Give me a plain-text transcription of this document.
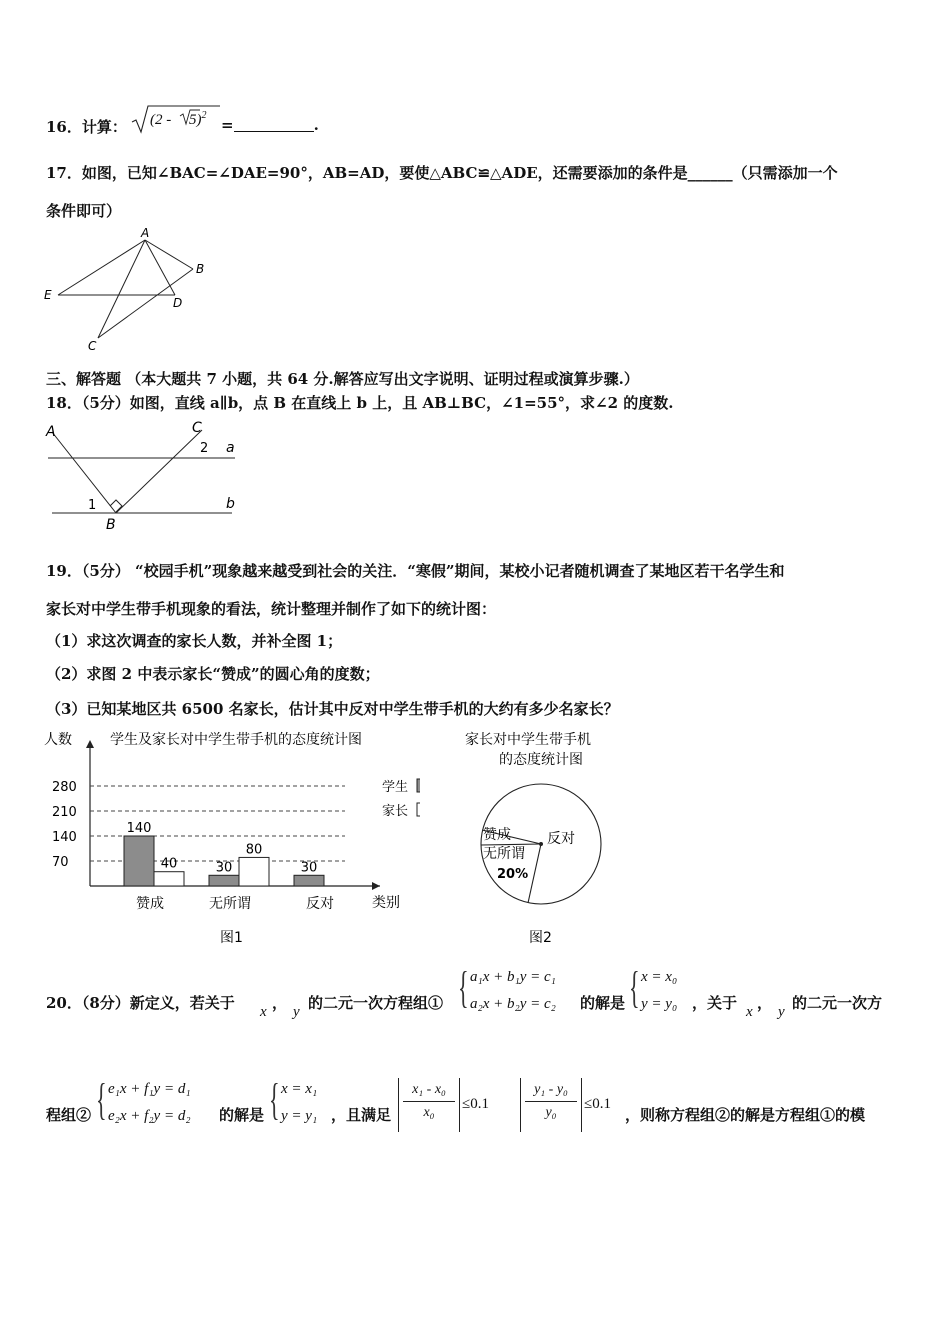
16．计算： (2 - 5)$^2$
=	.
17．如图，已知∠BAC=∠DAE=90°，AB=AD，要使△ABC≌△ADE，还需要添加的条件是______（只需添加一个
条件即可）
A
B
C
D
E
三、解答题 （本大题共 7 小题，共 64 分.解答应写出文字说明、证明过程或演算步骤.）
18．（5分）如图，直线 a∥b，点 B 在直线上 b 上，且 AB⊥BC，∠1=55°，求∠2 的度数.
A	C
B
a
b
1
2
19．（5分） “校园手机”现象越来越受到社会的关注．“寒假”期间，某校小记者随机调查了某地区若干名学生和
家长对中学生带手机现象的看法，统计整理并制作了如下的统计图：
（1）求这次调查的家长人数，并补全图 1；
（2）求图 2 中表示家长“赞成”的圆心角的度数；
（3）已知某地区共 6500 名家长，估计其中反对中学生带手机的大约有多少名家长？
人数	学生及家长对中学生带手机的态度统计图
类别
图1
学生
家长
70
140
210
280
赞成
140
40
无所谓
30
80
反对
30
家长对中学生带手机
的态度统计图
赞成
无所谓
20%
反对
图2
20．（8分）新定义，若关于 x ， y 的二元一次方程组① { a₁x + b₁y = c₁
a₂x + b₂y = c₂ 的解是 { x = x₀
y = y₀ ，关于 x ， y 的二元一次方
程组② { e₁x + f₁y = d₁
e₂x + f₂y = d₂ 的解是 { x = x₁
y = y₁ ，且满足
x₁ - x₀
x₀
≤0.1
y₁ - y₀
y₀
≤0.1
，则称方程组②的解是方程组①的模
